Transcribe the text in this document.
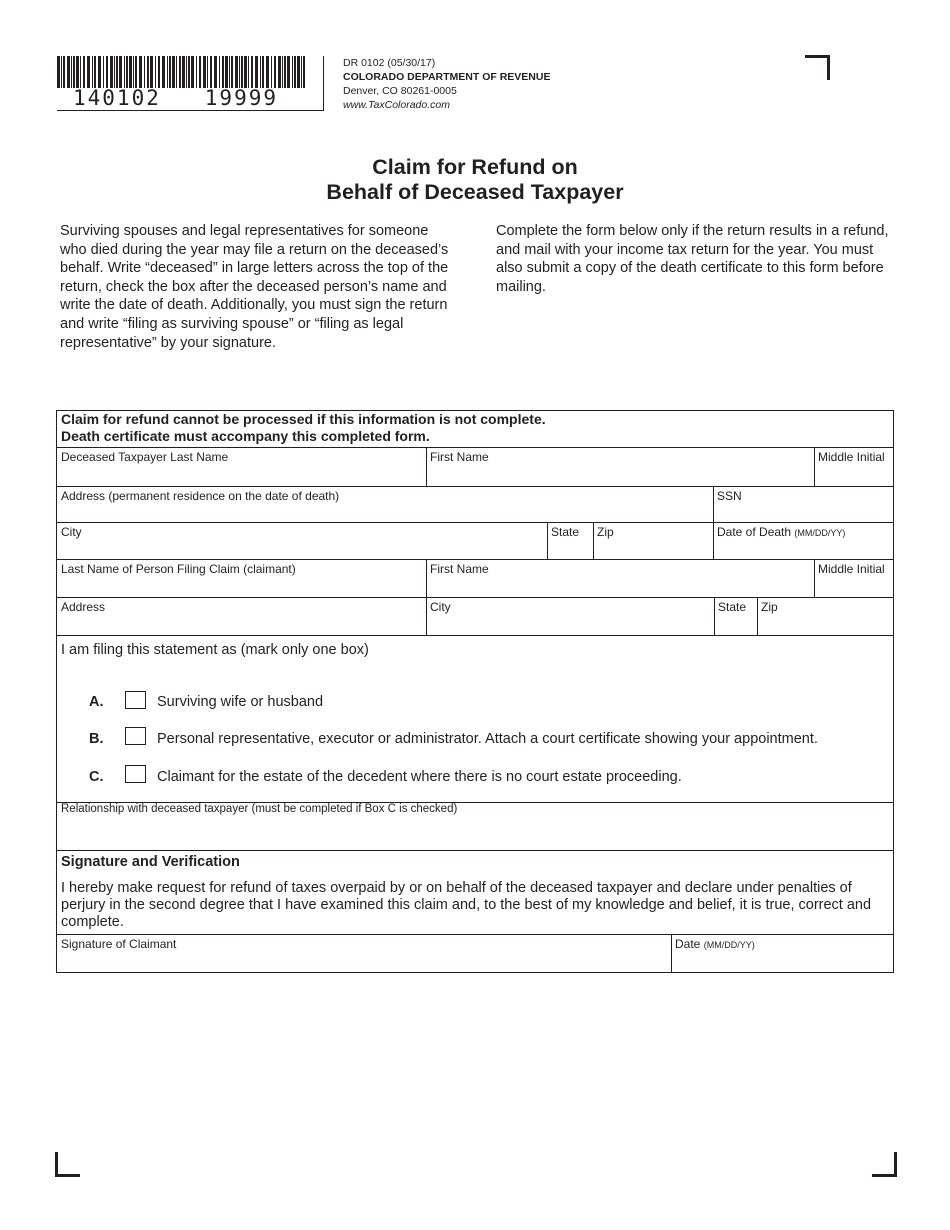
140102   19999
DR 0102 (05/30/17)
COLORADO DEPARTMENT OF REVENUE
Denver, CO 80261-0005
www.TaxColorado.com
Claim for Refund on
Behalf of Deceased Taxpayer
Surviving spouses and legal representatives for someone who died during the year may file a return on the deceased’s behalf. Write “deceased” in large letters across the top of the return, check the box after the deceased person’s name and write the date of death. Additionally, you must sign the return and write “filing as surviving spouse” or “filing as legal representative” by your signature.
Complete the form below only if the return results in a refund, and mail with your income tax return for the year. You must also submit a copy of the death certificate to this form before mailing.
Claim for refund cannot be processed if this information is not complete.
Death certificate must accompany this completed form.
Deceased Taxpayer Last Name	First Name	Middle Initial
Address (permanent residence on the date of death)	SSN
City	State	Zip	Date of Death (MM/DD/YY)
Last Name of Person Filing Claim (claimant)	First Name	Middle Initial
Address	City	State	Zip
I am filing this statement as (mark only one box)
A.	Surviving wife or husband
B.	Personal representative, executor or administrator. Attach a court certificate showing your appointment.
C.	Claimant for the estate of the decedent where there is no court estate proceeding.
Relationship with deceased taxpayer (must be completed if Box C is checked)
Signature and Verification
I hereby make request for refund of taxes overpaid by or on behalf of the deceased taxpayer and declare under penalties of perjury in the second degree that I have examined this claim and, to the best of my knowledge and belief, it is true, correct and complete.
Signature of Claimant	Date (MM/DD/YY)
